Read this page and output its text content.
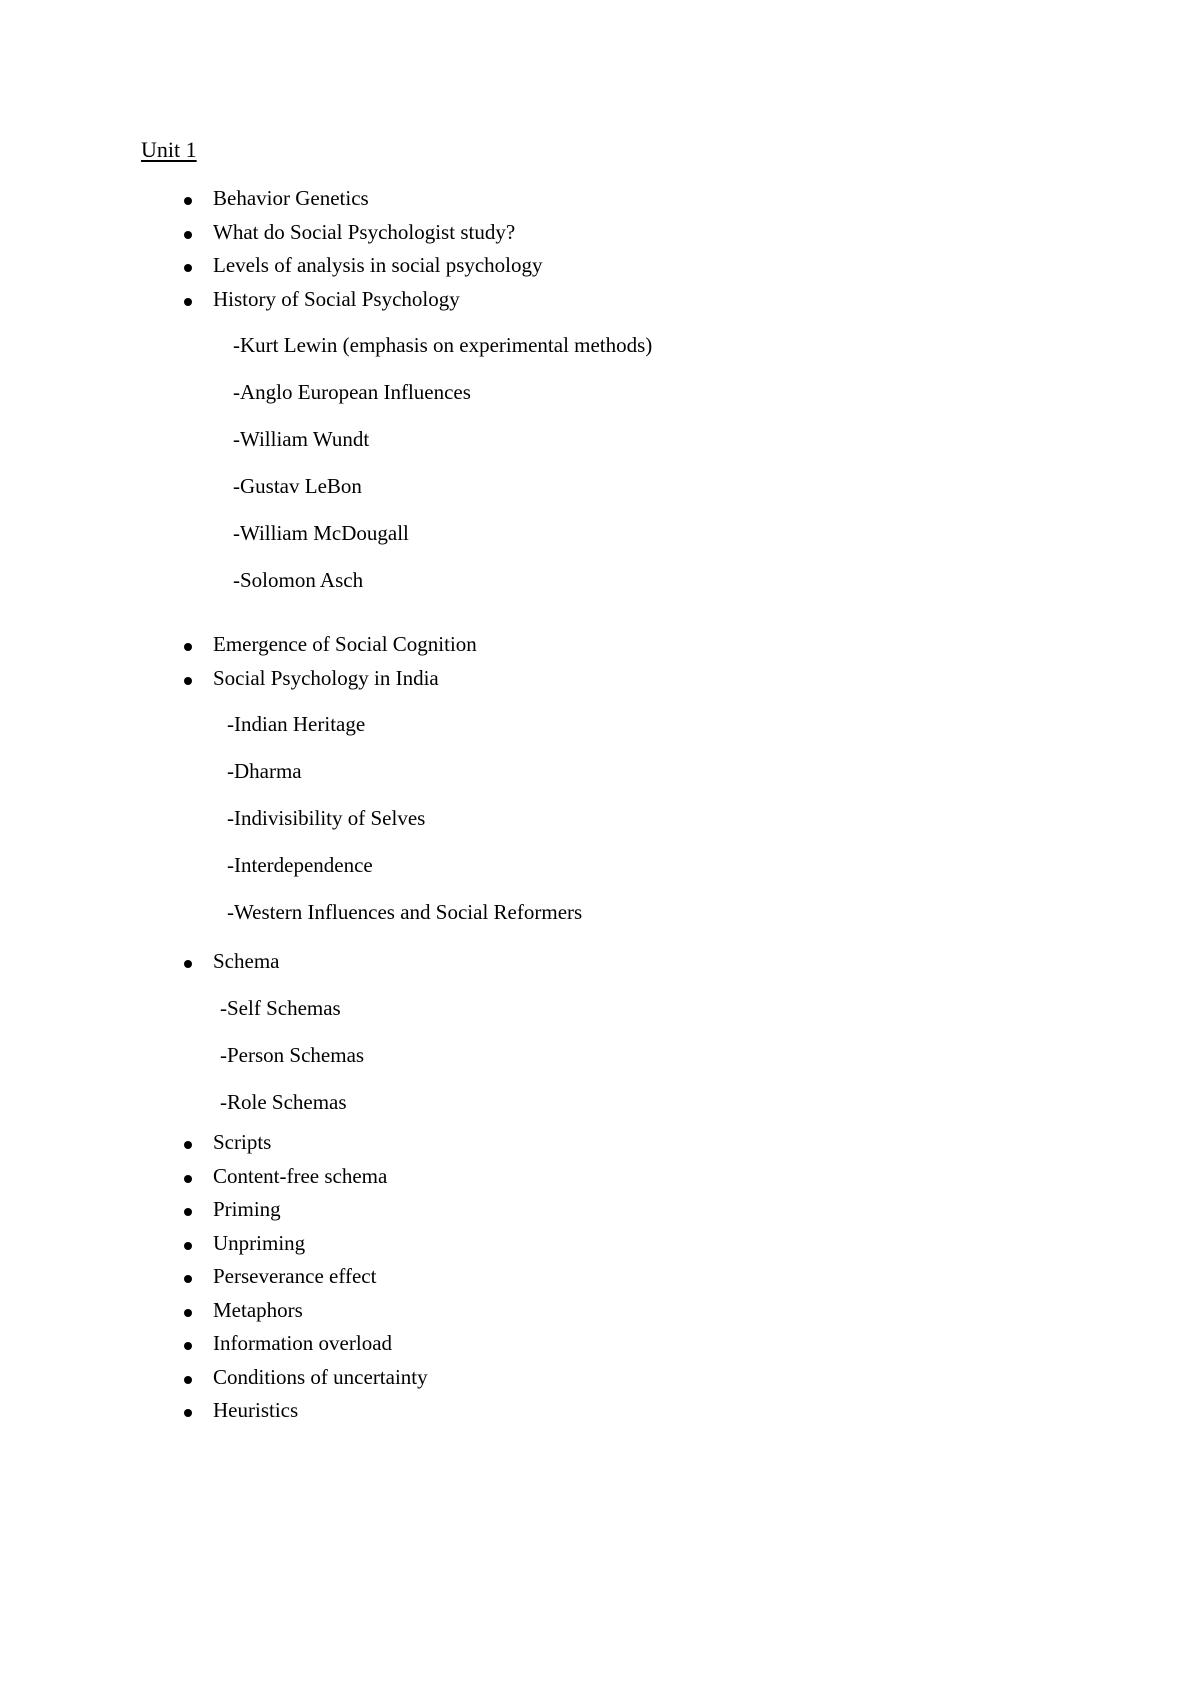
Unit 1
Behavior Genetics
What do Social Psychologist study?
Levels of analysis in social psychology
History of Social Psychology
-Kurt Lewin (emphasis on experimental methods)
-Anglo European Influences
-William Wundt
-Gustav LeBon
-William McDougall
-Solomon Asch
Emergence of Social Cognition
Social Psychology in India
-Indian Heritage
-Dharma
-Indivisibility of Selves
-Interdependence
-Western Influences and Social Reformers
Schema
-Self Schemas
-Person Schemas
-Role Schemas
Scripts
Content-free schema
Priming
Unpriming
Perseverance effect
Metaphors
Information overload
Conditions of uncertainty
Heuristics
